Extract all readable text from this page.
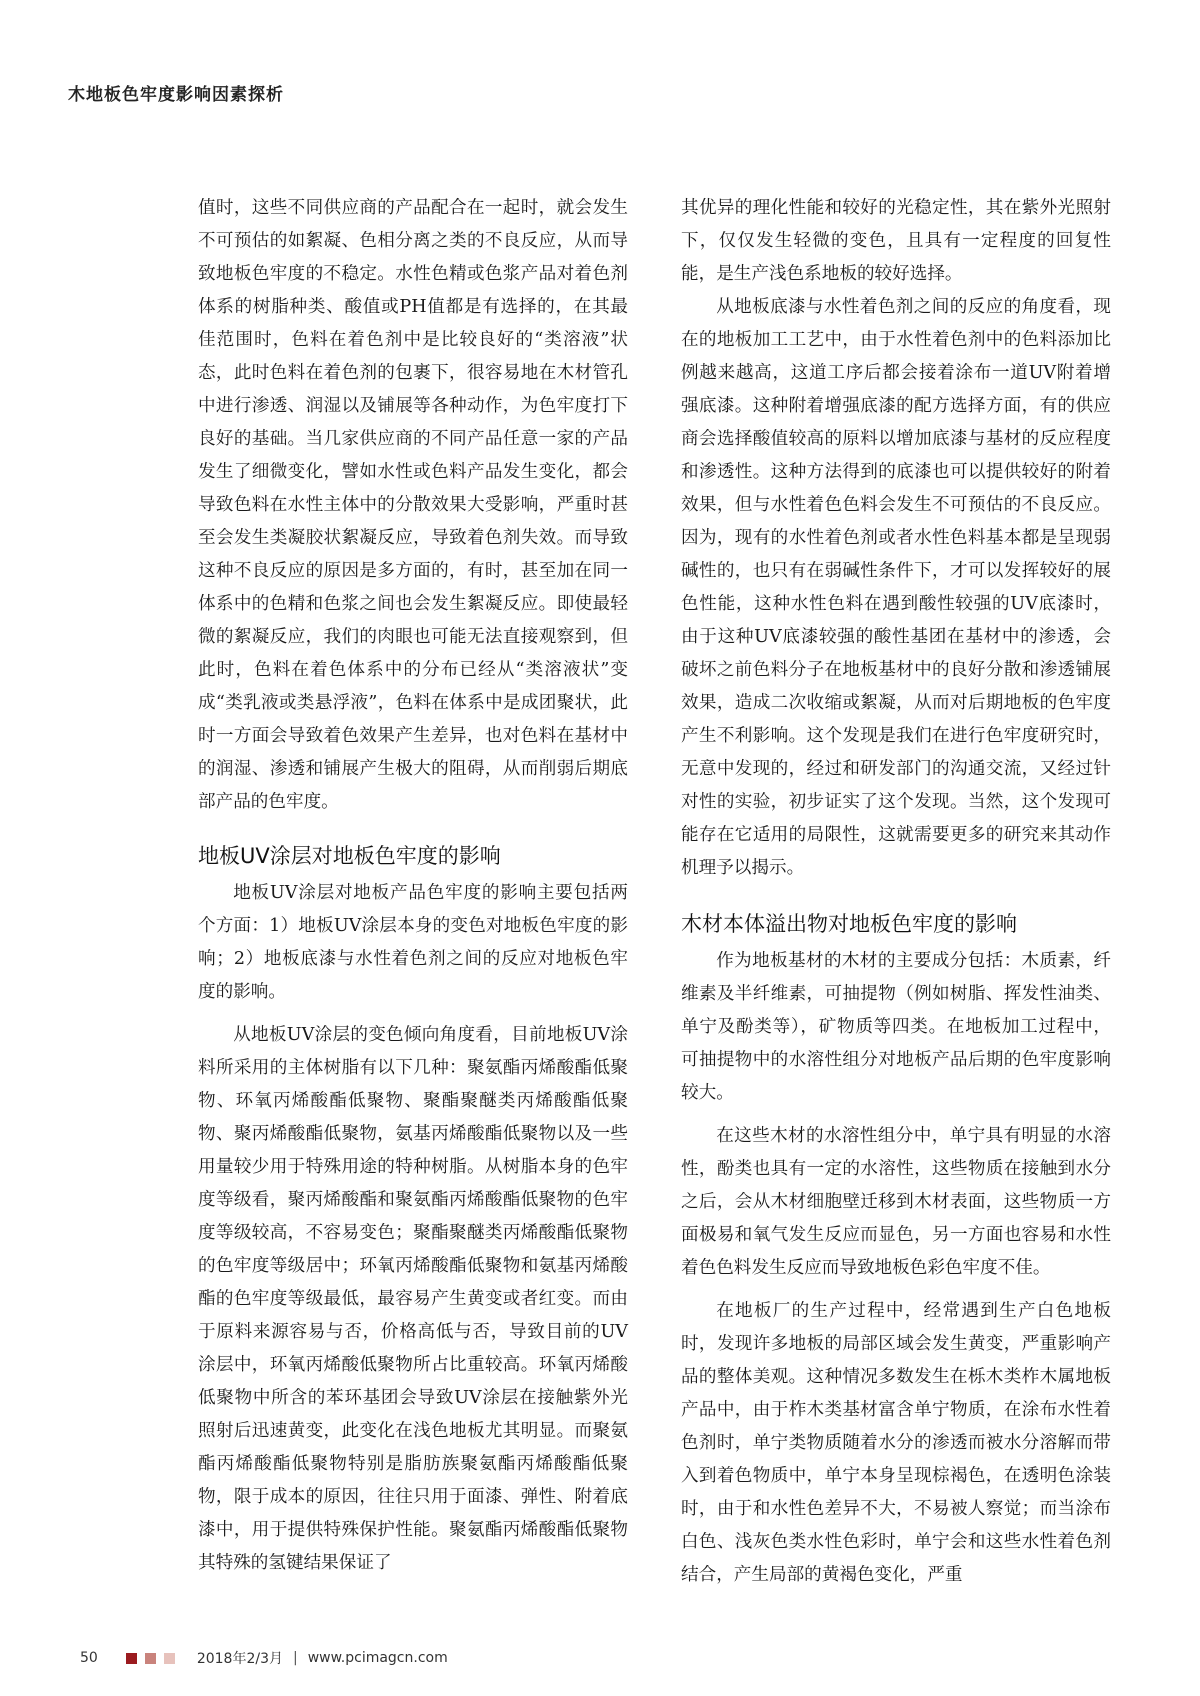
木地板色牢度影响因素探析

值时，这些不同供应商的产品配合在一起时，就会发生不可预估的如絮凝、色相分离之类的不良反应，从而导致地板色牢度的不稳定。水性色精或色浆产品对着色剂体系的树脂种类、酸值或PH值都是有选择的，在其最佳范围时，色料在着色剂中是比较良好的“类溶液”状态，此时色料在着色剂的包裹下，很容易地在木材管孔中进行渗透、润湿以及铺展等各种动作，为色牢度打下良好的基础。当几家供应商的不同产品任意一家的产品发生了细微变化，譬如水性或色料产品发生变化，都会导致色料在水性主体中的分散效果大受影响，严重时甚至会发生类凝胶状絮凝反应，导致着色剂失效。而导致这种不良反应的原因是多方面的，有时，甚至加在同一体系中的色精和色浆之间也会发生絮凝反应。即使最轻微的絮凝反应，我们的肉眼也可能无法直接观察到，但此时，色料在着色体系中的分布已经从“类溶液状”变成“类乳液或类悬浮液”，色料在体系中是成团聚状，此时一方面会导致着色效果产生差异，也对色料在基材中的润湿、渗透和铺展产生极大的阻碍，从而削弱后期底部产品的色牢度。

地板UV涂层对地板色牢度的影响

地板UV涂层对地板产品色牢度的影响主要包括两个方面：1）地板UV涂层本身的变色对地板色牢度的影响；2）地板底漆与水性着色剂之间的反应对地板色牢度的影响。

从地板UV涂层的变色倾向角度看，目前地板UV涂料所采用的主体树脂有以下几种：聚氨酯丙烯酸酯低聚物、环氧丙烯酸酯低聚物、聚酯聚醚类丙烯酸酯低聚物、聚丙烯酸酯低聚物，氨基丙烯酸酯低聚物以及一些用量较少用于特殊用途的特种树脂。从树脂本身的色牢度等级看，聚丙烯酸酯和聚氨酯丙烯酸酯低聚物的色牢度等级较高，不容易变色；聚酯聚醚类丙烯酸酯低聚物的色牢度等级居中；环氧丙烯酸酯低聚物和氨基丙烯酸酯的色牢度等级最低，最容易产生黄变或者红变。而由于原料来源容易与否，价格高低与否，导致目前的UV涂层中，环氧丙烯酸低聚物所占比重较高。环氧丙烯酸低聚物中所含的苯环基团会导致UV涂层在接触紫外光照射后迅速黄变，此变化在浅色地板尤其明显。而聚氨酯丙烯酸酯低聚物特别是脂肪族聚氨酯丙烯酸酯低聚物，限于成本的原因，往往只用于面漆、弹性、附着底漆中，用于提供特殊保护性能。聚氨酯丙烯酸酯低聚物其特殊的氢键结果保证了

其优异的理化性能和较好的光稳定性，其在紫外光照射下，仅仅发生轻微的变色，且具有一定程度的回复性能，是生产浅色系地板的较好选择。

从地板底漆与水性着色剂之间的反应的角度看，现在的地板加工工艺中，由于水性着色剂中的色料添加比例越来越高，这道工序后都会接着涂布一道UV附着增强底漆。这种附着增强底漆的配方选择方面，有的供应商会选择酸值较高的原料以增加底漆与基材的反应程度和渗透性。这种方法得到的底漆也可以提供较好的附着效果，但与水性着色色料会发生不可预估的不良反应。因为，现有的水性着色剂或者水性色料基本都是呈现弱碱性的，也只有在弱碱性条件下，才可以发挥较好的展色性能，这种水性色料在遇到酸性较强的UV底漆时，由于这种UV底漆较强的酸性基团在基材中的渗透，会破坏之前色料分子在地板基材中的良好分散和渗透铺展效果，造成二次收缩或絮凝，从而对后期地板的色牢度产生不利影响。这个发现是我们在进行色牢度研究时，无意中发现的，经过和研发部门的沟通交流，又经过针对性的实验，初步证实了这个发现。当然，这个发现可能存在它适用的局限性，这就需要更多的研究来其动作机理予以揭示。

木材本体溢出物对地板色牢度的影响

作为地板基材的木材的主要成分包括：木质素，纤维素及半纤维素，可抽提物（例如树脂、挥发性油类、单宁及酚类等），矿物质等四类。在地板加工过程中，可抽提物中的水溶性组分对地板产品后期的色牢度影响较大。

在这些木材的水溶性组分中，单宁具有明显的水溶性，酚类也具有一定的水溶性，这些物质在接触到水分之后，会从木材细胞壁迁移到木材表面，这些物质一方面极易和氧气发生反应而显色，另一方面也容易和水性着色色料发生反应而导致地板色彩色牢度不佳。

在地板厂的生产过程中，经常遇到生产白色地板时，发现许多地板的局部区域会发生黄变，严重影响产品的整体美观。这种情况多数发生在栎木类柞木属地板产品中，由于柞木类基材富含单宁物质，在涂布水性着色剂时，单宁类物质随着水分的渗透而被水分溶解而带入到着色物质中，单宁本身呈现棕褐色，在透明色涂装时，由于和水性色差异不大，不易被人察觉；而当涂布白色、浅灰色类水性色彩时，单宁会和这些水性着色剂结合，产生局部的黄褐色变化，严重

50	2018年2/3月 | www.pcimagcn.com
